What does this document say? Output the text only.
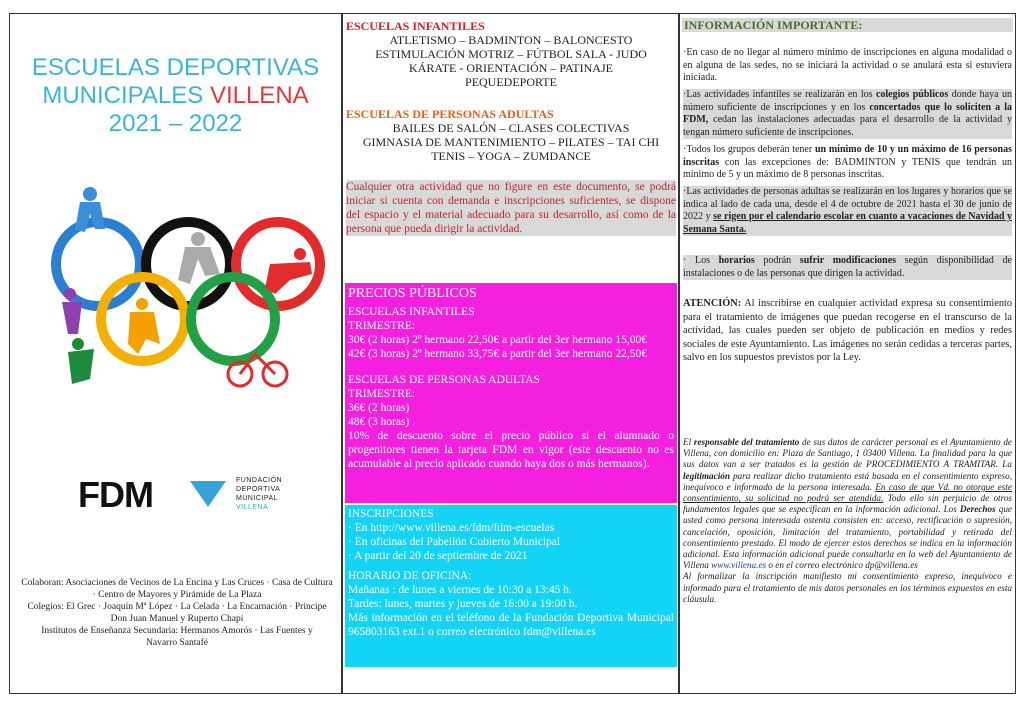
ESCUELAS DEPORTIVAS
MUNICIPALES VILLENA
2021 – 2022
FDM	FUNDACIÓN
DEPORTIVA
MUNICIPAL
VILLENA
Colaboran: Asociaciones de Vecinos de La Encina y Las Cruces · Casa de Cultura
· Centro de Mayores y Pirámide de La Plaza
Colegios: El Grec · Joaquín Mª López · La Celada · La Encarnación · Príncipe
Don Juan Manuel y Ruperto Chapí
Institutos de Enseñanza Secundaria: Hermanos Amorós · Las Fuentes y
Navarro Santafé
ESCUELAS INFANTILES
ATLETISMO – BADMINTON – BALONCESTO
ESTIMULACIÓN MOTRIZ – FÚTBOL SALA - JUDO
KÁRATE - ORIENTACIÓN – PATINAJE
PEQUEDEPORTE
ESCUELAS DE PERSONAS ADULTAS
BAILES DE SALÓN – CLASES COLECTIVAS
GIMNASIA DE MANTENIMIENTO – PILATES – TAI CHI
TENIS – YOGA – ZUMDANCE
Cualquier otra actividad que no figure en este documento, se podrá iniciar si cuenta con demanda e inscripciones suficientes, se dispone del espacio y el material adecuado para su desarrollo, así como de la persona que pueda dirigir la actividad.
PRECIOS PÚBLICOS
ESCUELAS INFANTILES
TRIMESTRE:
30€ (2 horas) 2º hermano 22,50€ a partir del 3er hermano 15,00€
42€ (3 horas) 2º hermano 33,75€ a partir del 3er hermano 22,50€
ESCUELAS DE PERSONAS ADULTAS
TRIMESTRE:
36€ (2 horas)
48€ (3 horas)
10% de descuento sobre el precio público si el alumnado o progenitores tienen la tarjeta FDM en vigor (este descuento no es acumulable al precio aplicado cuando haya dos o más hermanos).
INSCRIPCIONES
· En http://www.villena.es/fdm/fdm-escuelas
· En oficinas del Pabellón Cubierto Municipal
· A partir del 20 de septiembre de 2021
HORARIO DE OFICINA:
Mañanas : de lunes a viernes de 10:30 a 13:45 h.
Tardes: lunes, martes y jueves de 16:00 a 19:00 h.
Más información en el teléfono de la Fundación Deportiva Municipal 965803163 ext.1 o correo electrónico fdm@villena.es
INFORMACIÓN IMPORTANTE:
·En caso de no llegar al número mínimo de inscripciones en alguna modalidad o en alguna de las sedes, no se iniciará la actividad o se anulará esta si estuviera iniciada.
·Las actividades infantiles se realizarán en los colegios públicos donde haya un número suficiente de inscripciones y en los concertados que lo soliciten a la FDM, cedan las instalaciones adecuadas para el desarrollo de la actividad y tengan número suficiente de inscripciones.
·Todos los grupos deberán tener un mínimo de 10 y un máximo de 16 personas inscritas con las excepciones de: BADMINTON y TENIS que tendrán un mínimo de 5 y un máximo de 8 personas inscritas.
·Las actividades de personas adultas se realizarán en los lugares y horarios que se indica al lado de cada una, desde el 4 de octubre de 2021 hasta el 30 de junio de 2022 y se rigen por el calendario escolar en cuanto a vacaciones de Navidad y Semana Santa.
· Los horarios podrán sufrir modificaciones según disponibilidad de instalaciones o de las personas que dirigen la actividad.
ATENCIÓN: Al inscribirse en cualquier actividad expresa su consentimiento para el tratamiento de imágenes que puedan recogerse en el transcurso de la actividad, las cuales pueden ser objeto de publicación en medios y redes sociales de este Ayuntamiento. Las imágenes no serán cedidas a terceras partes, salvo en los supuestos previstos por la Ley.
El responsable del tratamiento de sus datos de carácter personal es el Ayuntamiento de Villena, con domicilio en: Plaza de Santiago, 1 03400 Villena. La finalidad para la que sus datos van a ser tratados es la gestión de PROCEDIMIENTO A TRAMITAR. La legitimación para realizar dicho tratamiento está basada en el consentimiento expreso, inequívoco e informado de la persona interesada. En caso de que Vd. no otorgue este consentimiento, su solicitud no podrá ser atendida. Todo ello sin perjuicio de otros fundamentos legales que se especifican en la información adicional. Los Derechos que usted como persona interesada ostenta consisten en: acceso, rectificación o supresión, cancelación, oposición, limitación del tratamiento, portabilidad y retirada del consentimiento prestado. El modo de ejercer estos derechos se indica en la información adicional. Esta información adicional puede consultarla en la web del Ayuntamiento de Villena www.villena.es o en el correo electrónico dp@villena.es
Al formalizar la inscripción manifiesto mi consentimiento expreso, inequívoco e informado para el tratamiento de mis datos personales en los términos expuestos en esta cláusula.
